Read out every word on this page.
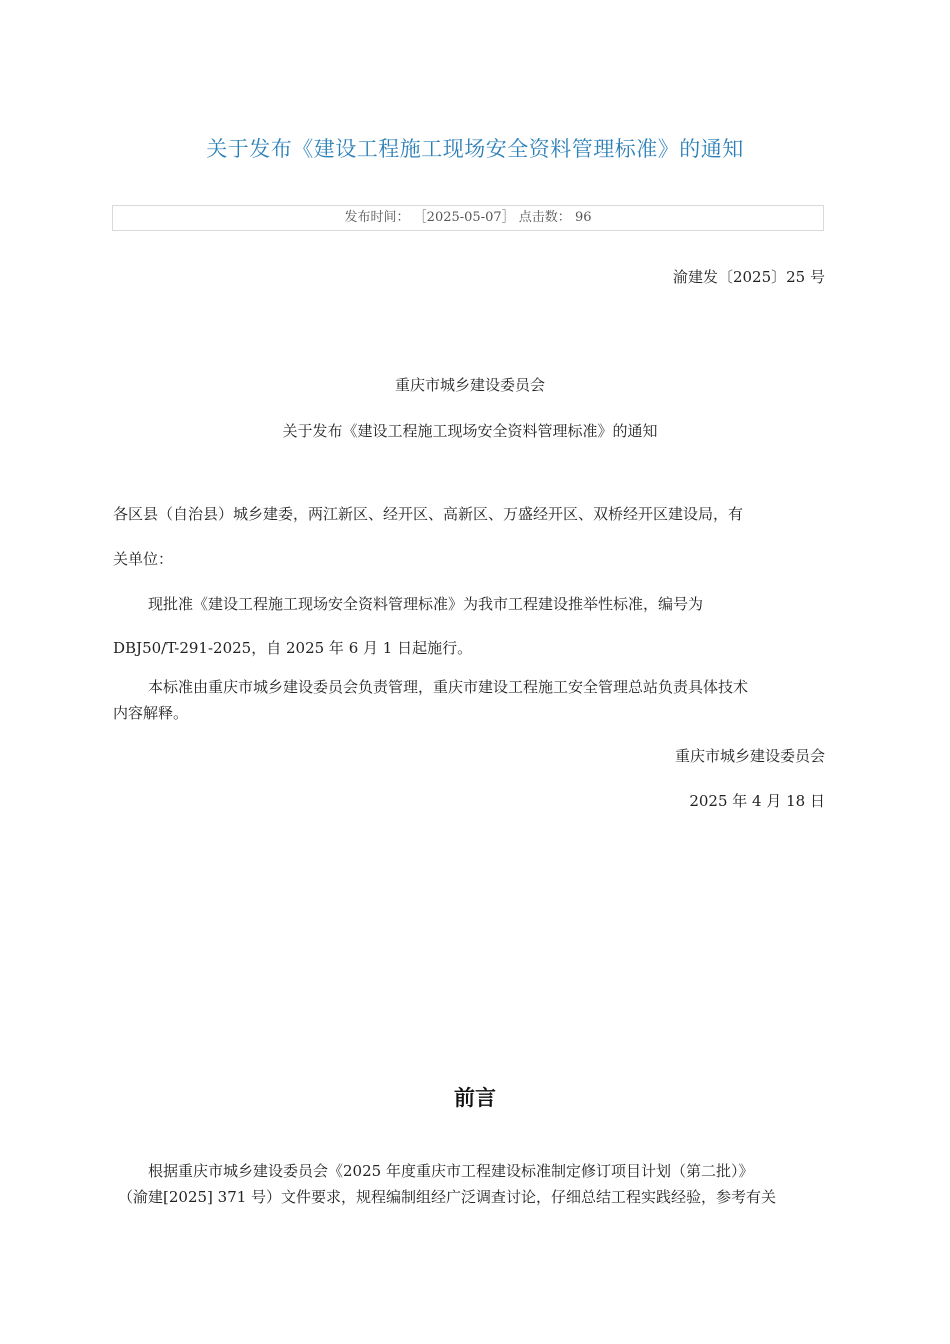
关于发布《建设工程施工现场安全资料管理标准》的通知
发布时间： ［2025-05-07］ 点击数： 96
渝建发〔2025〕25 号
重庆市城乡建设委员会
关于发布《建设工程施工现场安全资料管理标准》的通知
各区县（自治县）城乡建委，两江新区、经开区、高新区、万盛经开区、双桥经开区建设局，有
关单位：
现批准《建设工程施工现场安全资料管理标准》为我市工程建设推举性标准，编号为
DBJ50/T-291-2025，自 2025 年 6 月 1 日起施行。
本标准由重庆市城乡建设委员会负责管理，重庆市建设工程施工安全管理总站负责具体技术
内容解释。
重庆市城乡建设委员会
2025 年 4 月 18 日
前言
根据重庆市城乡建设委员会《2025 年度重庆市工程建设标准制定修订项目计划（第二批）》
（渝建[2025] 371 号）文件要求，规程编制组经广泛调查讨论，仔细总结工程实践经验，参考有关
